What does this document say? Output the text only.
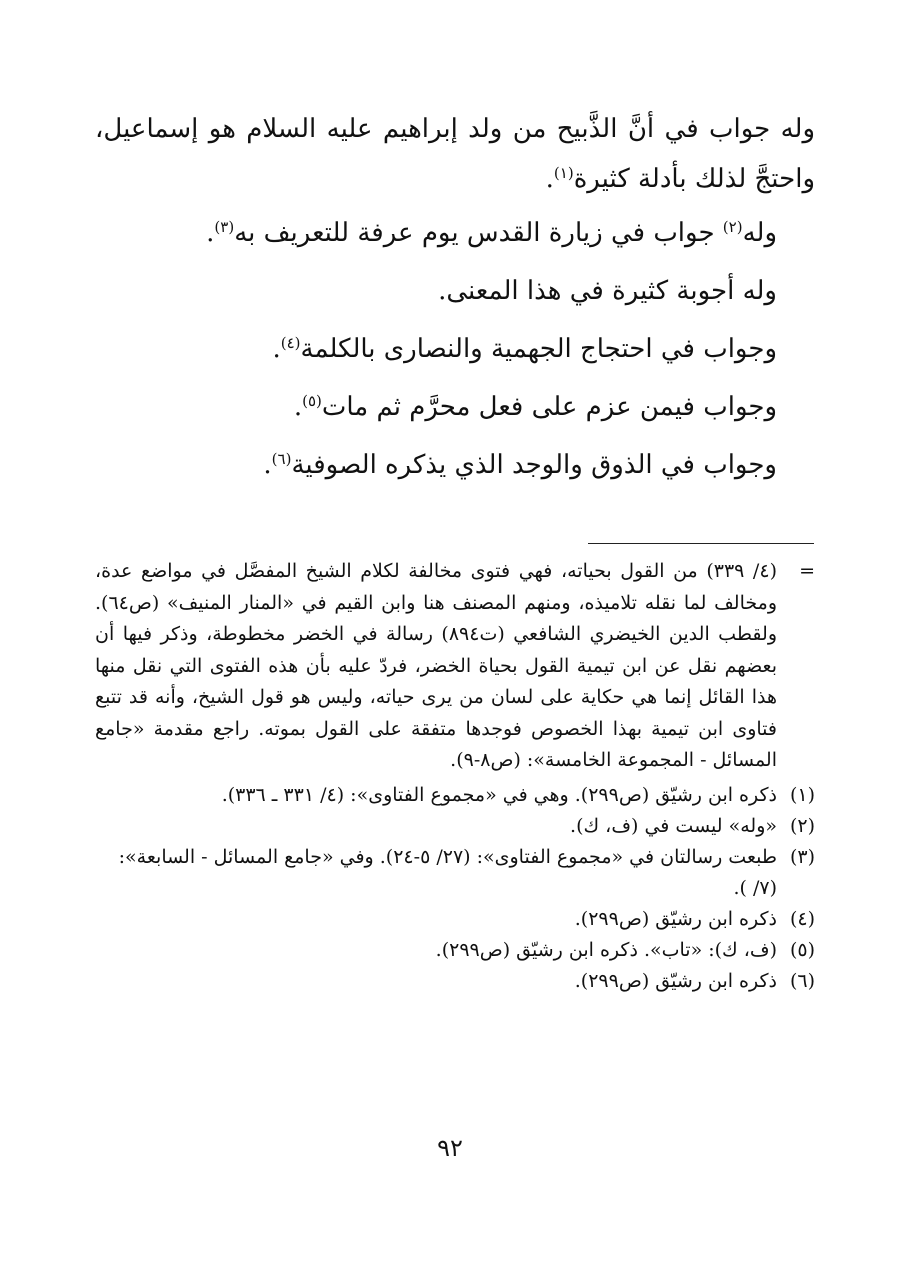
وله جواب في أنَّ الذَّبيح من ولد إبراهيم عليه السلام هو إسماعيل، واحتجَّ لذلك بأدلة كثيرة$^{(١)}$.

وله$^{(٢)}$ جواب في زيارة القدس يوم عرفة للتعريف به$^{(٣)}$.

وله أجوبة كثيرة في هذا المعنى.

وجواب في احتجاج الجهمية والنصارى بالكلمة$^{(٤)}$.

وجواب فيمن عزم على فعل محرَّم ثم مات$^{(٥)}$.

وجواب في الذوق والوجد الذي يذكره الصوفية$^{(٦)}$.

=
(٤/ ٣٣٩) من القول بحياته، فهي فتوى مخالفة لكلام الشيخ المفصَّل في مواضع عدة، ومخالف لما نقله تلاميذه، ومنهم المصنف هنا وابن القيم في «المنار المنيف» (ص٦٤). ولقطب الدين الخيضري الشافعي (ت٨٩٤) رسالة في الخضر مخطوطة، وذكر فيها أن بعضهم نقل عن ابن تيمية القول بحياة الخضر، فردّ عليه بأن هذه الفتوى التي نقل منها هذا القائل إنما هي حكاية على لسان من يرى حياته، وليس هو قول الشيخ، وأنه قد تتبع فتاوى ابن تيمية بهذا الخصوص فوجدها متفقة على القول بموته. راجع مقدمة «جامع المسائل - المجموعة الخامسة»: (ص٨-٩).

(١)
ذكره ابن رشيّق (ص٢٩٩). وهي في «مجموع الفتاوى»: (٤/ ٣٣١ ـ ٣٣٦).

(٢)
«وله» ليست في (ف، ك).

(٣)
طبعت رسالتان في «مجموع الفتاوى»: (٢٧/ ٥-٢٤). وفي «جامع المسائل - السابعة»: (٧/ ).

(٤)
ذكره ابن رشيّق (ص٢٩٩).

(٥)
(ف، ك): «تاب». ذكره ابن رشيّق (ص٢٩٩).

(٦)
ذكره ابن رشيّق (ص٢٩٩).

٩٢
